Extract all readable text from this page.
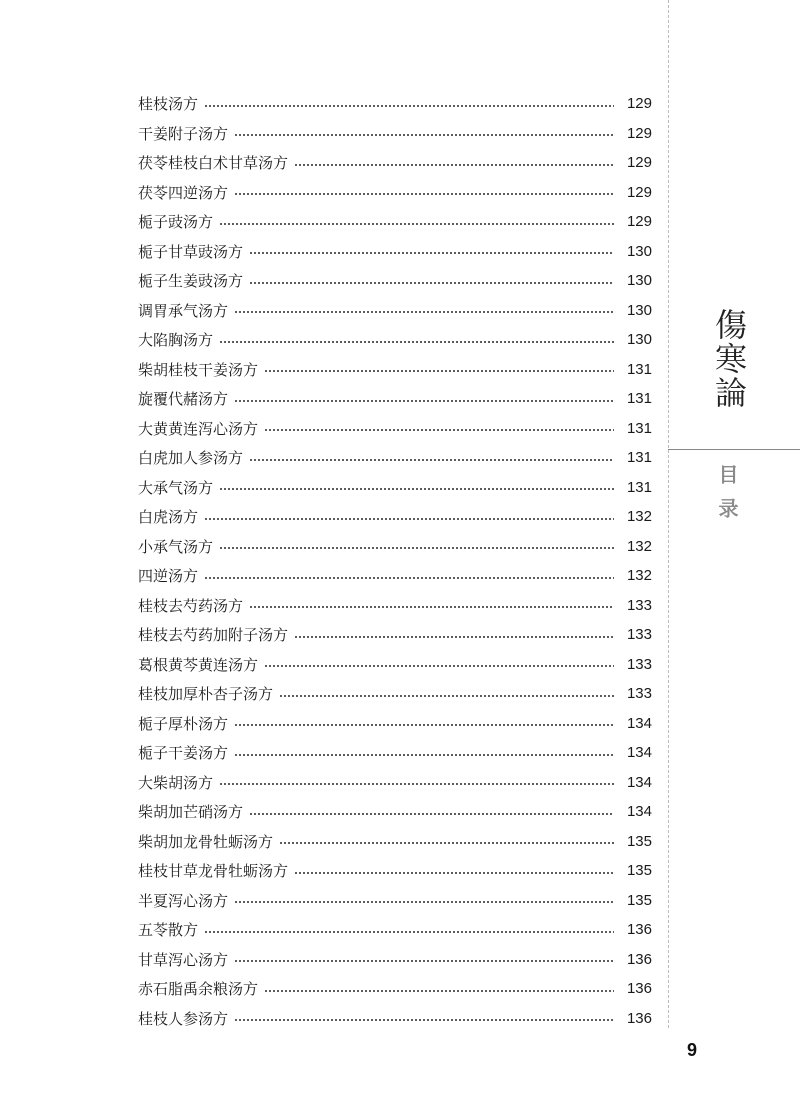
桂枝汤方	129
干姜附子汤方	129
茯苓桂枝白术甘草汤方	129
茯苓四逆汤方	129
栀子豉汤方	129
栀子甘草豉汤方	130
栀子生姜豉汤方	130
调胃承气汤方	130
大陷胸汤方	130
柴胡桂枝干姜汤方	131
旋覆代赭汤方	131
大黄黄连泻心汤方	131
白虎加人参汤方	131
大承气汤方	131
白虎汤方	132
小承气汤方	132
四逆汤方	132
桂枝去芍药汤方	133
桂枝去芍药加附子汤方	133
葛根黄芩黄连汤方	133
桂枝加厚朴杏子汤方	133
栀子厚朴汤方	134
栀子干姜汤方	134
大柴胡汤方	134
柴胡加芒硝汤方	134
柴胡加龙骨牡蛎汤方	135
桂枝甘草龙骨牡蛎汤方	135
半夏泻心汤方	135
五苓散方	136
甘草泻心汤方	136
赤石脂禹余粮汤方	136
桂枝人参汤方	136
傷寒論
目录
9
